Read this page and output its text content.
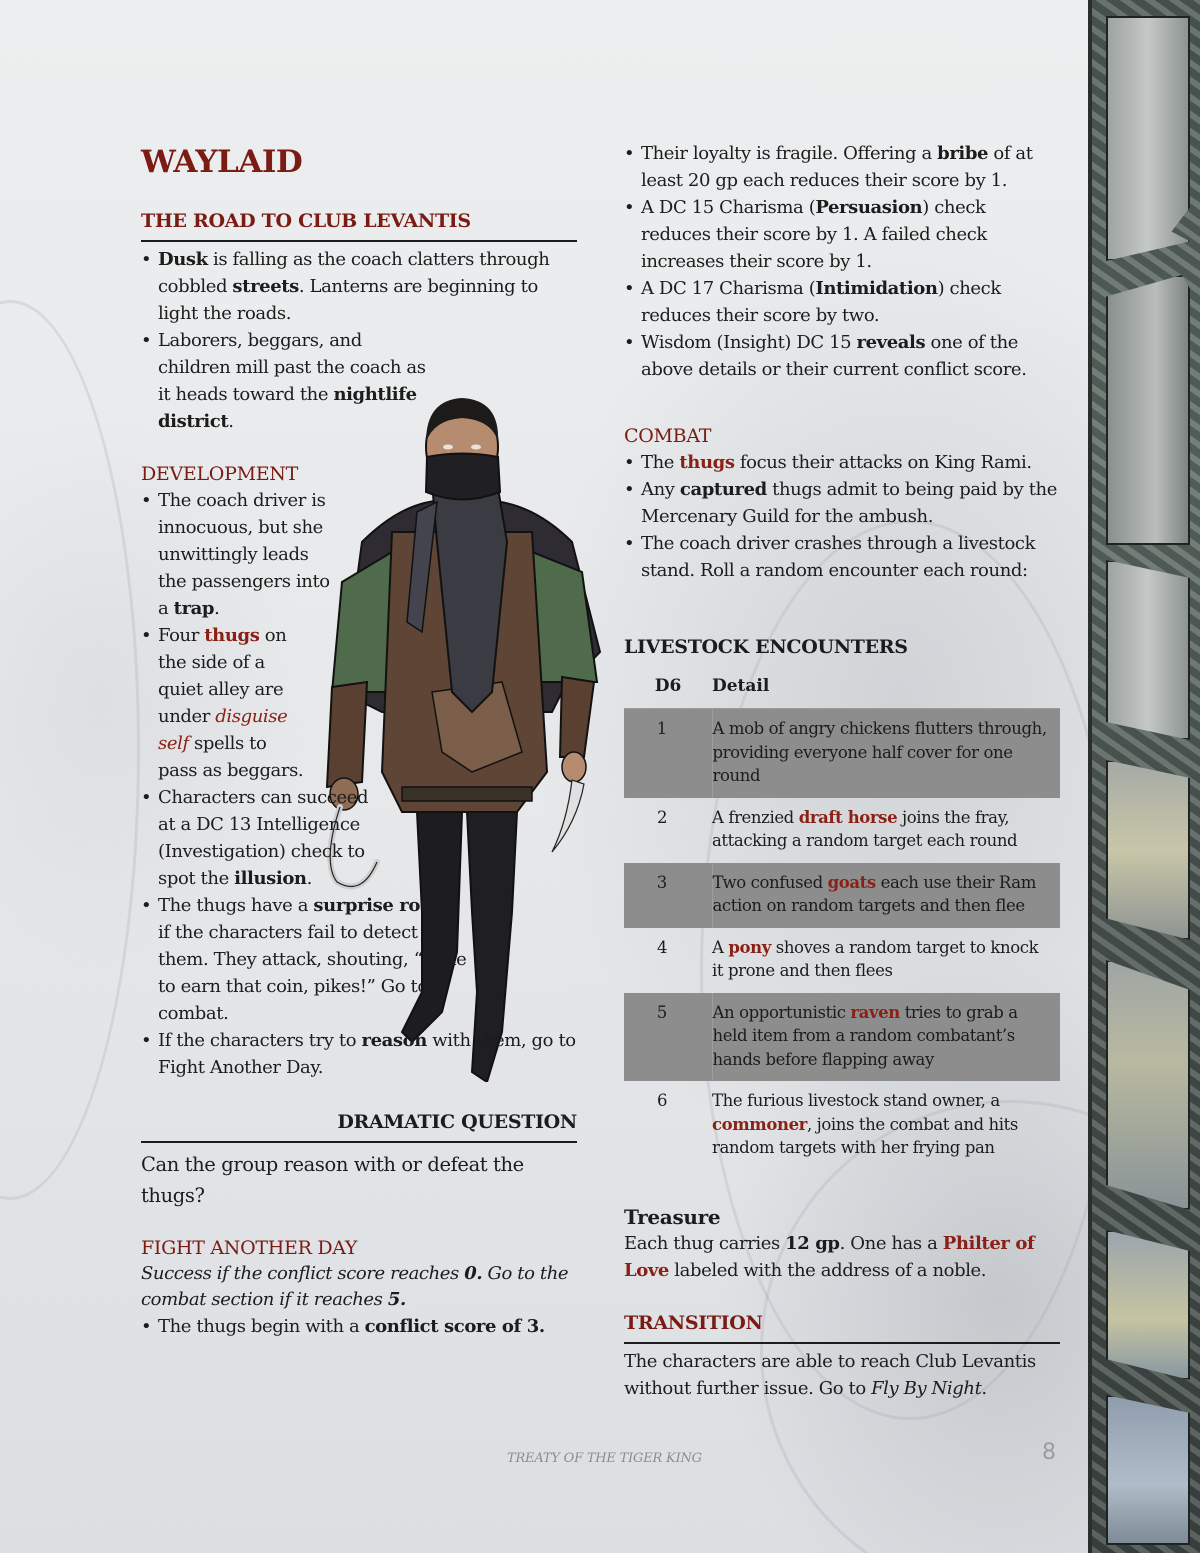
WAYLAID
THE ROAD TO CLUB LEVANTIS
• Dusk is falling as the coach clatters through cobbled streets. Lanterns are beginning to light the roads.
• Laborers, beggars, and children mill past the coach as it heads toward the nightlife district.
DEVELOPMENT
• The coach driver is innocuous, but she unwittingly leads the passengers into a trap.
• Four thugs on the side of a quiet alley are under disguise self spells to pass as beggars.
• Characters can succeed at a DC 13 Intelligence (Investigation) check to spot the illusion.
• The thugs have a surprise round if the characters fail to detect them. They attack, shouting, “Time to earn that coin, pikes!” Go to combat.
• If the characters try to reason with them, go to Fight Another Day.
DRAMATIC QUESTION

Can the group reason with or defeat the thugs?

FIGHT ANOTHER DAY

Success if the conflict score reaches 0. Go to the combat section if it reaches 5.

• The thugs begin with a conflict score of 3.
• Their loyalty is fragile. Offering a bribe of at least 20 gp each reduces their score by 1.
• A DC 15 Charisma (Persuasion) check reduces their score by 1. A failed check increases their score by 1.
• A DC 17 Charisma (Intimidation) check reduces their score by two.
• Wisdom (Insight) DC 15 reveals one of the above details or their current conflict score.
COMBAT
• The thugs focus their attacks on King Rami.
• Any captured thugs admit to being paid by the Mercenary Guild for the ambush.
• The coach driver crashes through a livestock stand. Roll a random encounter each round:
LIVESTOCK ENCOUNTERS
D6	Detail
1	A mob of angry chickens flutters through, providing everyone half cover for one round
2	A frenzied draft horse joins the fray, attacking a random target each round
3	Two confused goats each use their Ram action on random targets and then flee
4	A pony shoves a random target to knock it prone and then flees
5	An opportunistic raven tries to grab a held item from a random combatant’s hands before flapping away
6	The furious livestock stand owner, a commoner, joins the combat and hits random targets with her frying pan
Treasure

Each thug carries 12 gp. One has a Philter of Love labeled with the address of a noble.

TRANSITION

The characters are able to reach Club Levantis without further issue. Go to Fly By Night.

TREATY OF THE TIGER KING	8
